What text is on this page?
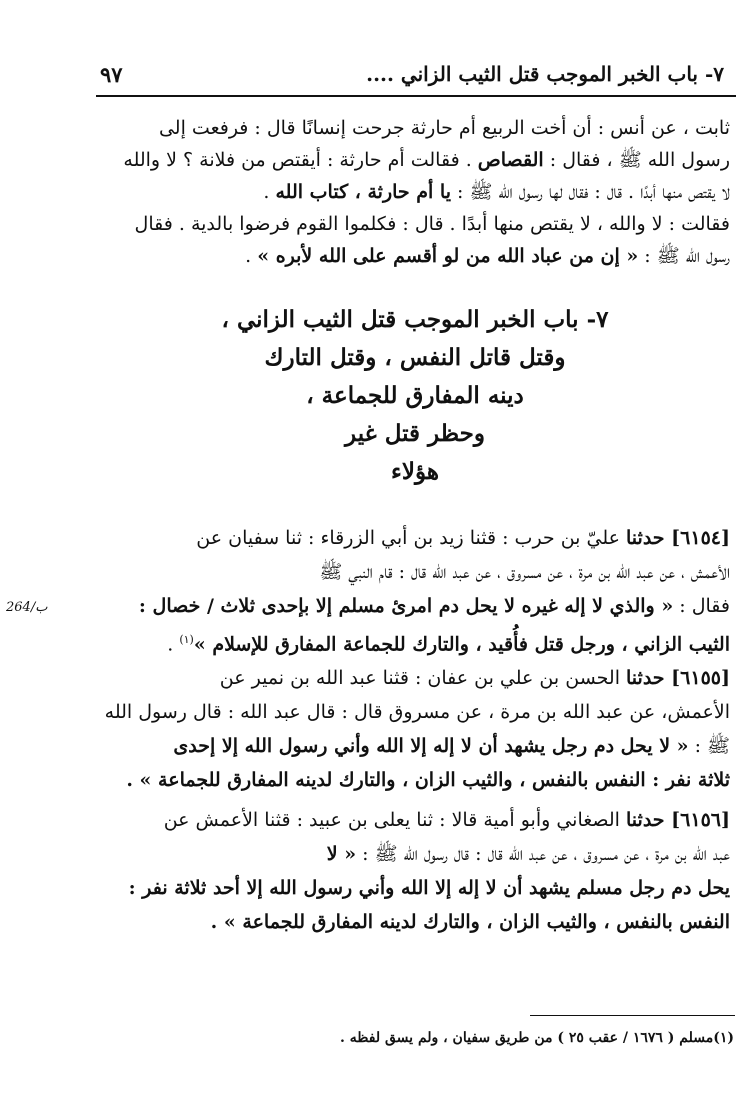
٧- باب الخبر الموجب قتل الثيب الزاني ....
٩٧
ثابت ، عن أنس : أن أخت الربيع أم حارثة جرحت إنسانًا قال : فرفعت إلى
رسول الله ﷺ ، فقال : القصاص . فقالت أم حارثة : أيقتص من فلانة ؟ لا والله
لا يقتص منها أبدًا . قال : فقال لها رسول الله ﷺ : يا أم حارثة ، كتاب الله .
فقالت : لا والله ، لا يقتص منها أبدًا . قال : فكلموا القوم فرضوا بالدية . فقال
رسول الله ﷺ : « إن من عباد الله من لو أقسم على الله لأبره » .
٧- باب الخبر الموجب قتل الثيب الزاني ،
وقتل قاتل النفس ، وقتل التارك
دينه المفارق للجماعة ،
وحظر قتل غير
هؤلاء
[٦١٥٤] حدثنا عليّ بن حرب : قثنا زيد بن أبي الزرقاء : ثنا سفيان عن
الأعمش ، عن عبد الله بن مرة ، عن مسروق ، عن عبد الله قال : قام النبي ﷺ
فقال : « والذي لا إله غيره لا يحل دم امرئ مسلم إلا بإحدى ثلاث / خصال :
الثيب الزاني ، ورجل قتل فأُقيد ، والتارك للجماعة المفارق للإسلام »$^{(١)}$ .
264/ب
[٦١٥٥] حدثنا الحسن بن علي بن عفان : قثنا عبد الله بن نمير عن
الأعمش، عن عبد الله بن مرة ، عن مسروق قال : قال عبد الله : قال رسول الله
ﷺ : « لا يحل دم رجل يشهد أن لا إله إلا الله وأني رسول الله إلا إحدى
ثلاثة نفر : النفس بالنفس ، والثيب الزان ، والتارك لدينه المفارق للجماعة » .
[٦١٥٦] حدثنا الصغاني وأبو أمية قالا : ثنا يعلى بن عبيد : قثنا الأعمش عن
عبد الله بن مرة ، عن مسروق ، عن عبد الله قال : قال رسول الله ﷺ : « لا
يحل دم رجل مسلم يشهد أن لا إله إلا الله وأني رسول الله إلا أحد ثلاثة نفر :
النفس بالنفس ، والثيب الزان ، والتارك لدينه المفارق للجماعة » .
(١)مسلم ( ١٦٧٦ / عقب ٢٥ ) من طريق سفيان ، ولم يسق لفظه .
